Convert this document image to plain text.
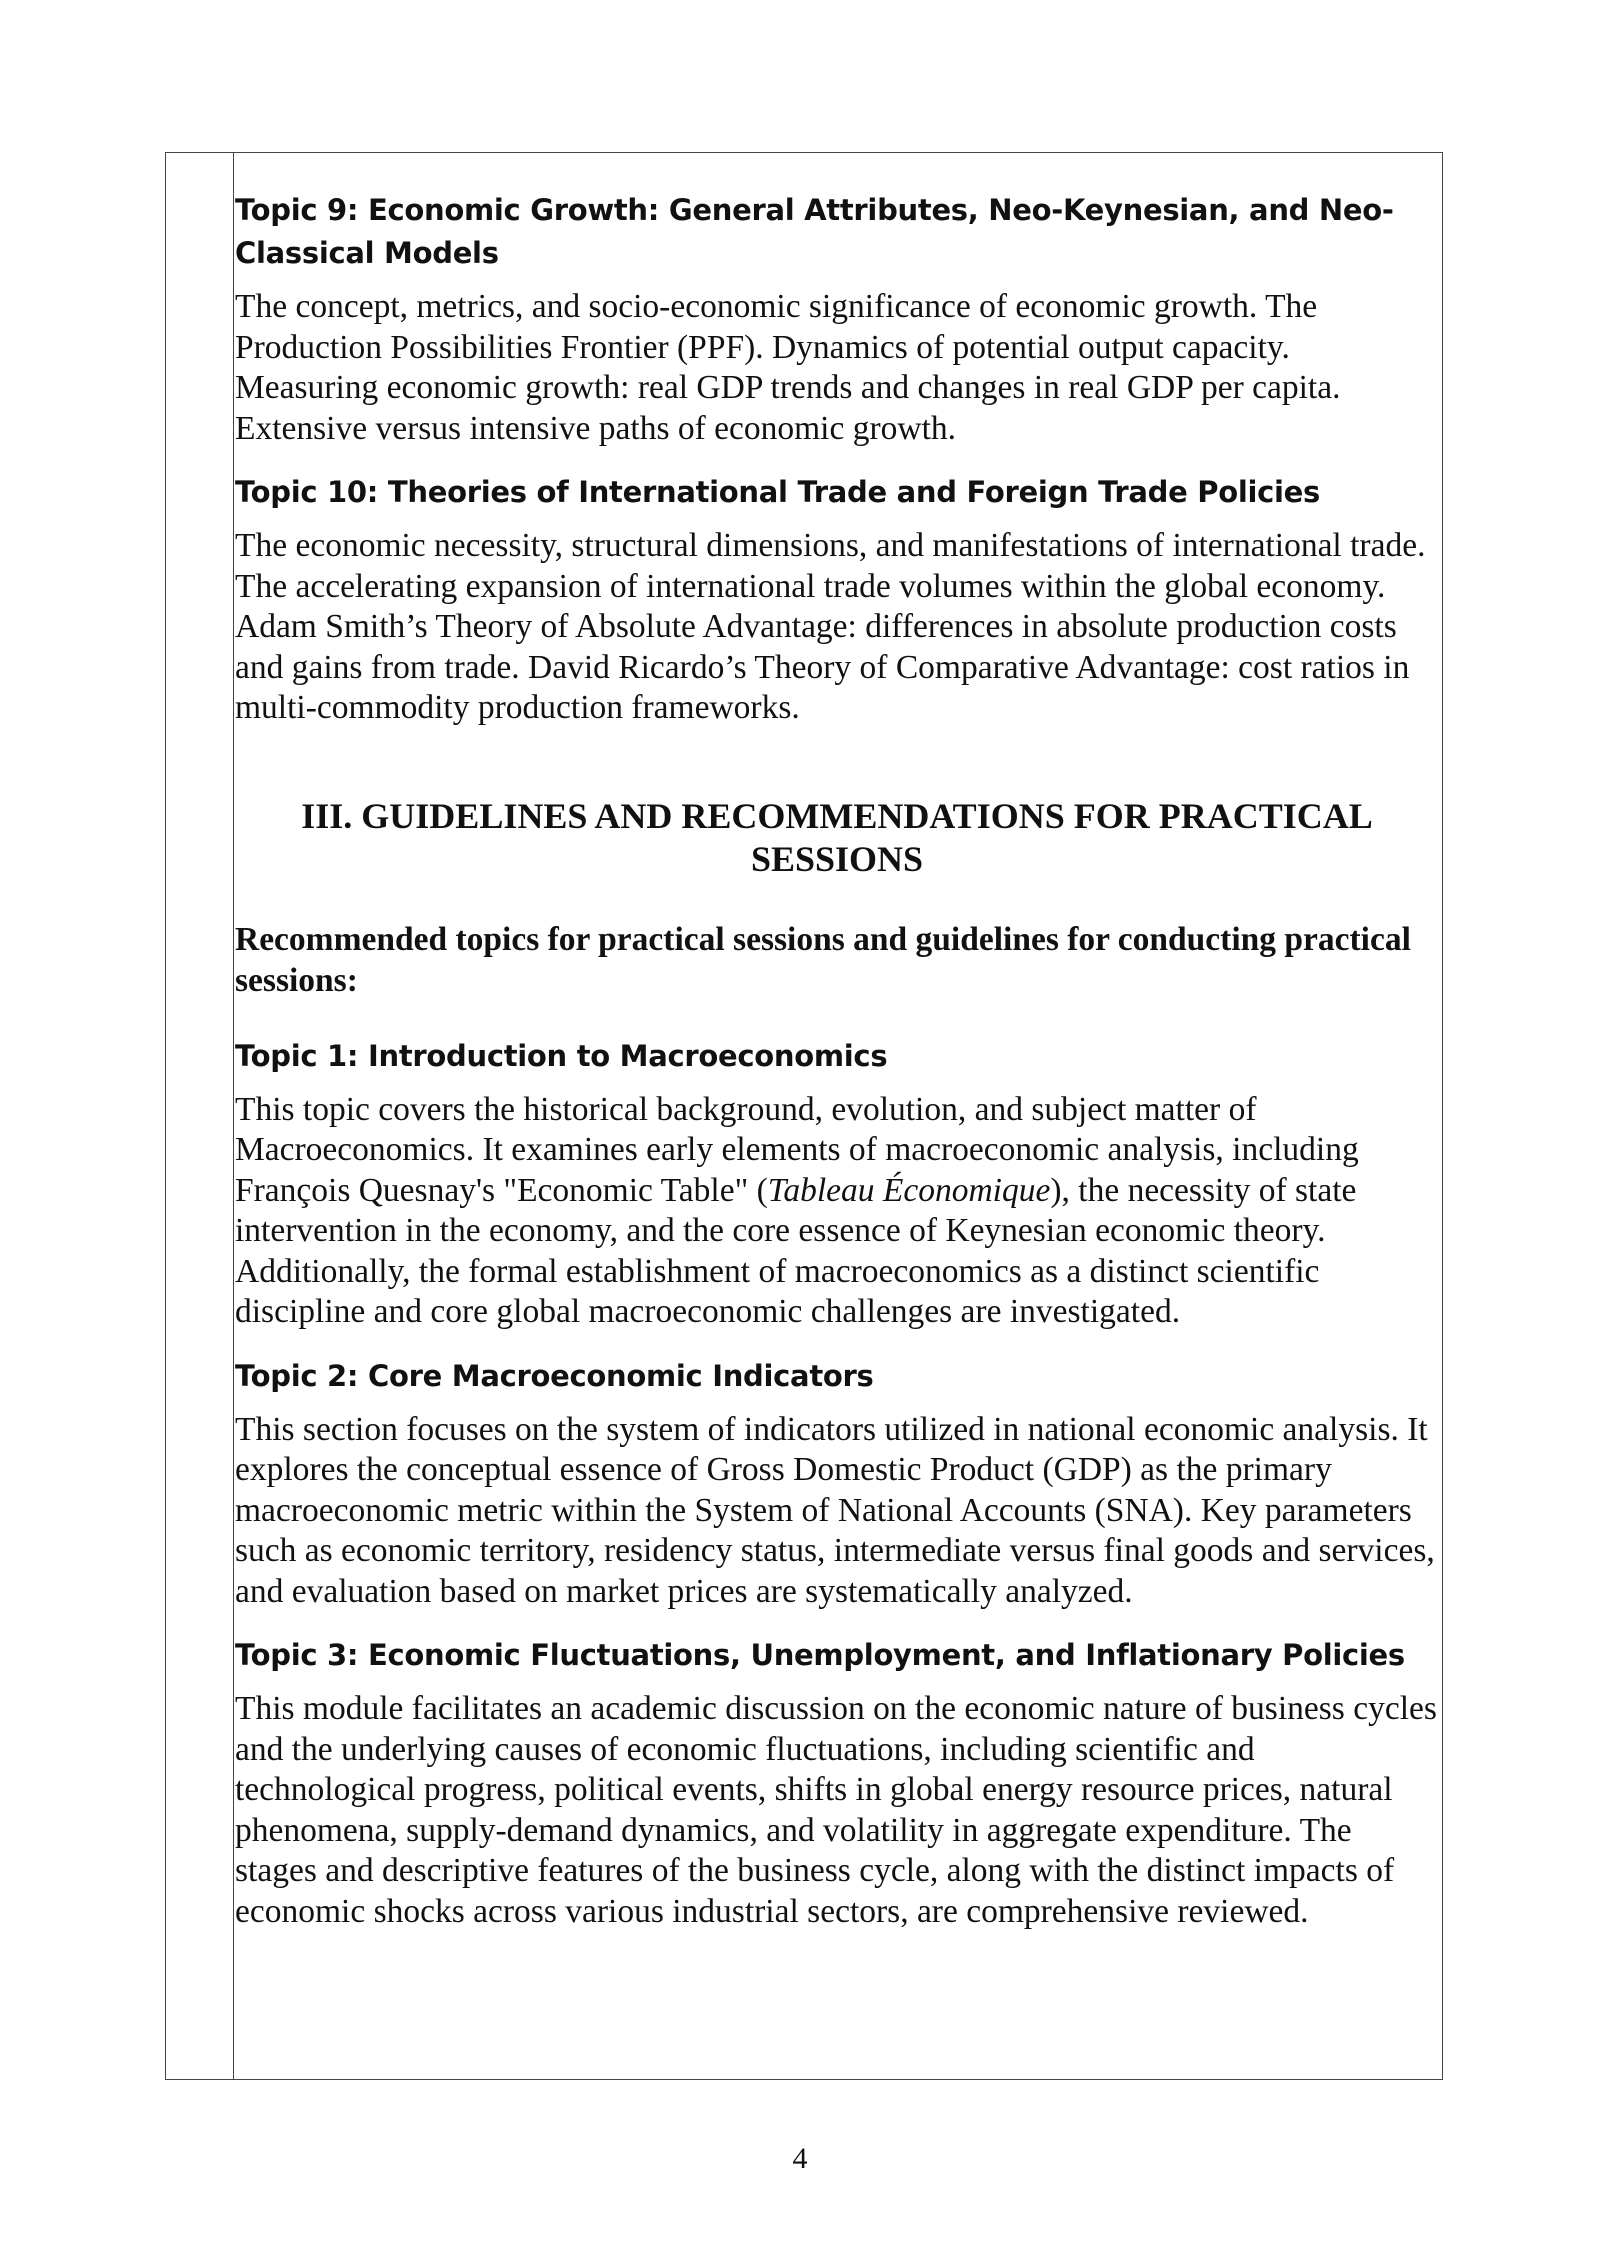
Topic 9: Economic Growth: General Attributes, Neo-Keynesian, and Neo-Classical Models

The concept, metrics, and socio-economic significance of economic growth. The Production Possibilities Frontier (PPF). Dynamics of potential output capacity. Measuring economic growth: real GDP trends and changes in real GDP per capita. Extensive versus intensive paths of economic growth.

Topic 10: Theories of International Trade and Foreign Trade Policies

The economic necessity, structural dimensions, and manifestations of international trade. The accelerating expansion of international trade volumes within the global economy. Adam Smith’s Theory of Absolute Advantage: differences in absolute production costs and gains from trade. David Ricardo’s Theory of Comparative Advantage: cost ratios in multi-commodity production frameworks.

III. GUIDELINES AND RECOMMENDATIONS FOR PRACTICAL SESSIONS
Recommended topics for practical sessions and guidelines for conducting practical sessions:
Topic 1: Introduction to Macroeconomics

This topic covers the historical background, evolution, and subject matter of Macroeconomics. It examines early elements of macroeconomic analysis, including François Quesnay's "Economic Table" (Tableau Économique), the necessity of state intervention in the economy, and the core essence of Keynesian economic theory. Additionally, the formal establishment of macroeconomics as a distinct scientific discipline and core global macroeconomic challenges are investigated.

Topic 2: Core Macroeconomic Indicators

This section focuses on the system of indicators utilized in national economic analysis. It explores the conceptual essence of Gross Domestic Product (GDP) as the primary macroeconomic metric within the System of National Accounts (SNA). Key parameters such as economic territory, residency status, intermediate versus final goods and services, and evaluation based on market prices are systematically analyzed.

Topic 3: Economic Fluctuations, Unemployment, and Inflationary Policies

This module facilitates an academic discussion on the economic nature of business cycles and the underlying causes of economic fluctuations, including scientific and technological progress, political events, shifts in global energy resource prices, natural phenomena, supply-demand dynamics, and volatility in aggregate expenditure. The stages and descriptive features of the business cycle, along with the distinct impacts of economic shocks across various industrial sectors, are comprehensive reviewed.

4
